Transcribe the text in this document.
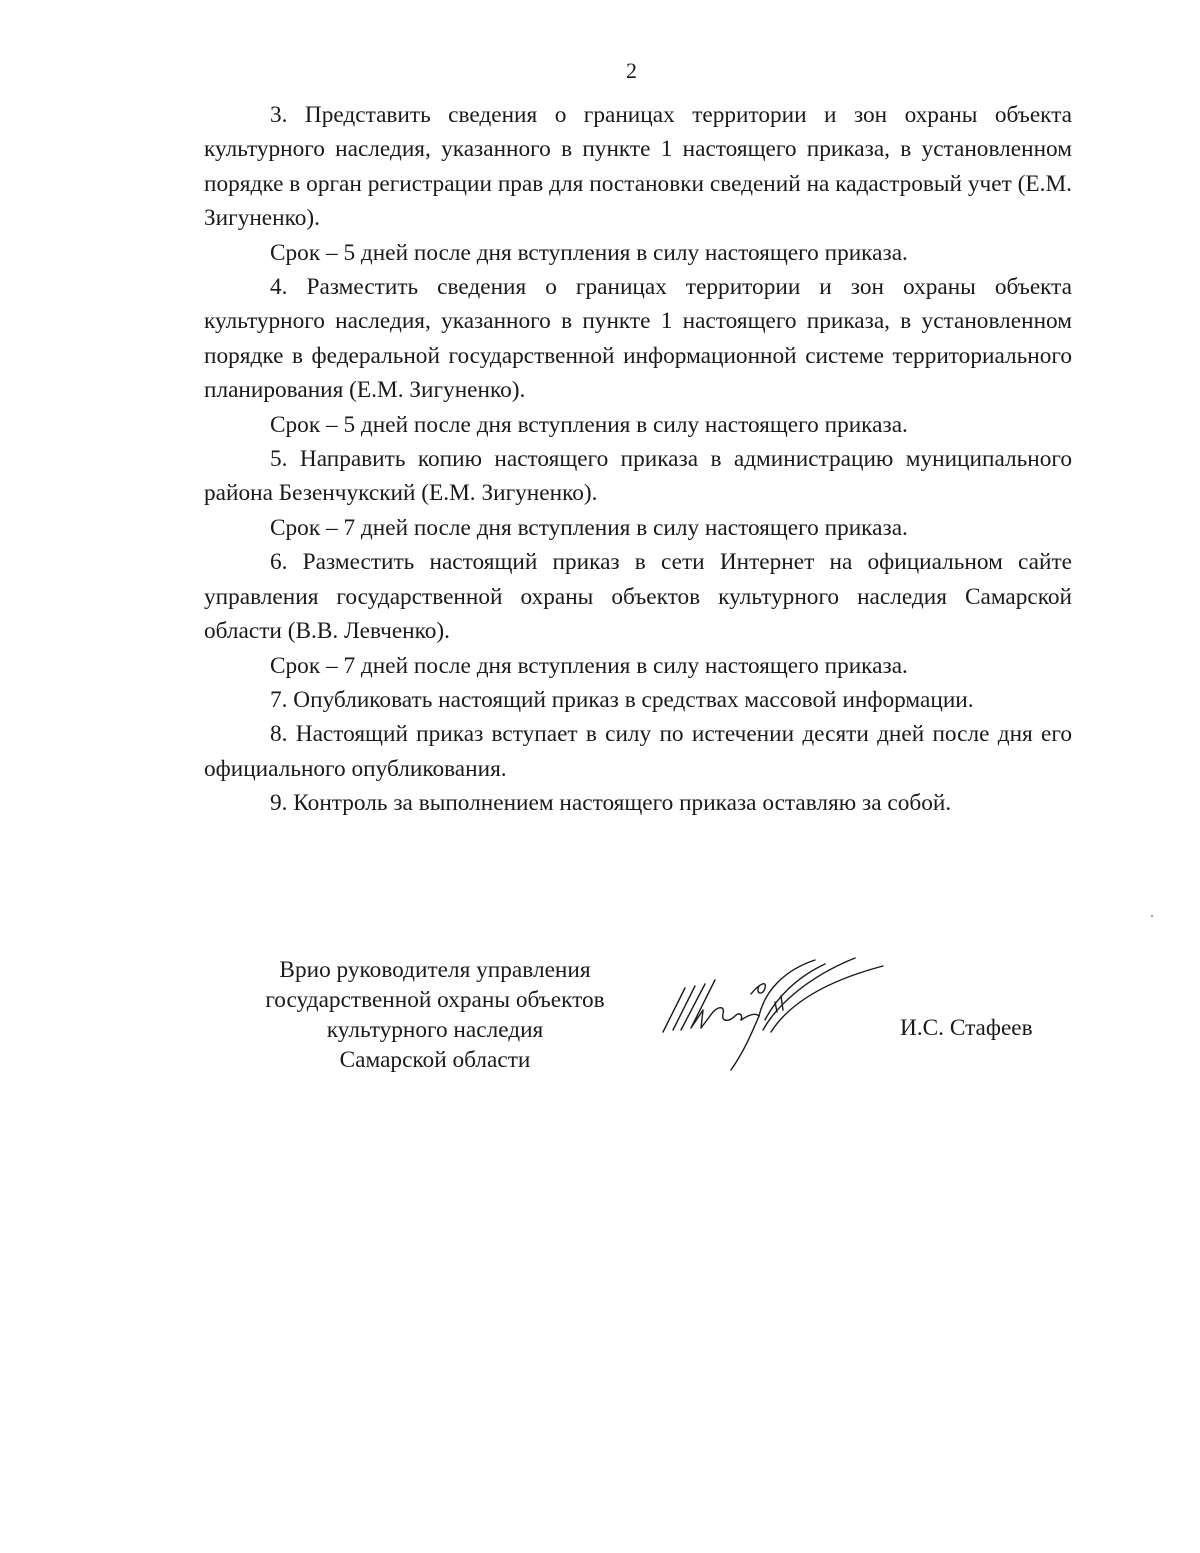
2

3. Представить сведения о границах территории и зон охраны объекта культурного наследия, указанного в пункте 1 настоящего приказа, в установленном порядке в орган регистрации прав для постановки сведений на кадастровый учет (Е.М. Зигуненко).

Срок – 5 дней после дня вступления в силу настоящего приказа.

4. Разместить сведения о границах территории и зон охраны объекта культурного наследия, указанного в пункте 1 настоящего приказа, в установленном порядке в федеральной государственной информационной системе территориального планирования (Е.М. Зигуненко).

Срок – 5 дней после дня вступления в силу настоящего приказа.

5. Направить копию настоящего приказа в администрацию муниципального района Безенчукский (Е.М. Зигуненко).

Срок – 7 дней после дня вступления в силу настоящего приказа.

6. Разместить настоящий приказ в сети Интернет на официальном сайте управления государственной охраны объектов культурного наследия Самарской области (В.В. Левченко).

Срок – 7 дней после дня вступления в силу настоящего приказа.

7. Опубликовать настоящий приказ в средствах массовой информации.

8. Настоящий приказ вступает в силу по истечении десяти дней после дня его официального опубликования.

9. Контроль за выполнением настоящего приказа оставляю за собой.

Врио руководителя управления
государственной охраны объектов
культурного наследия
Самарской области
И.С. Стафеев
